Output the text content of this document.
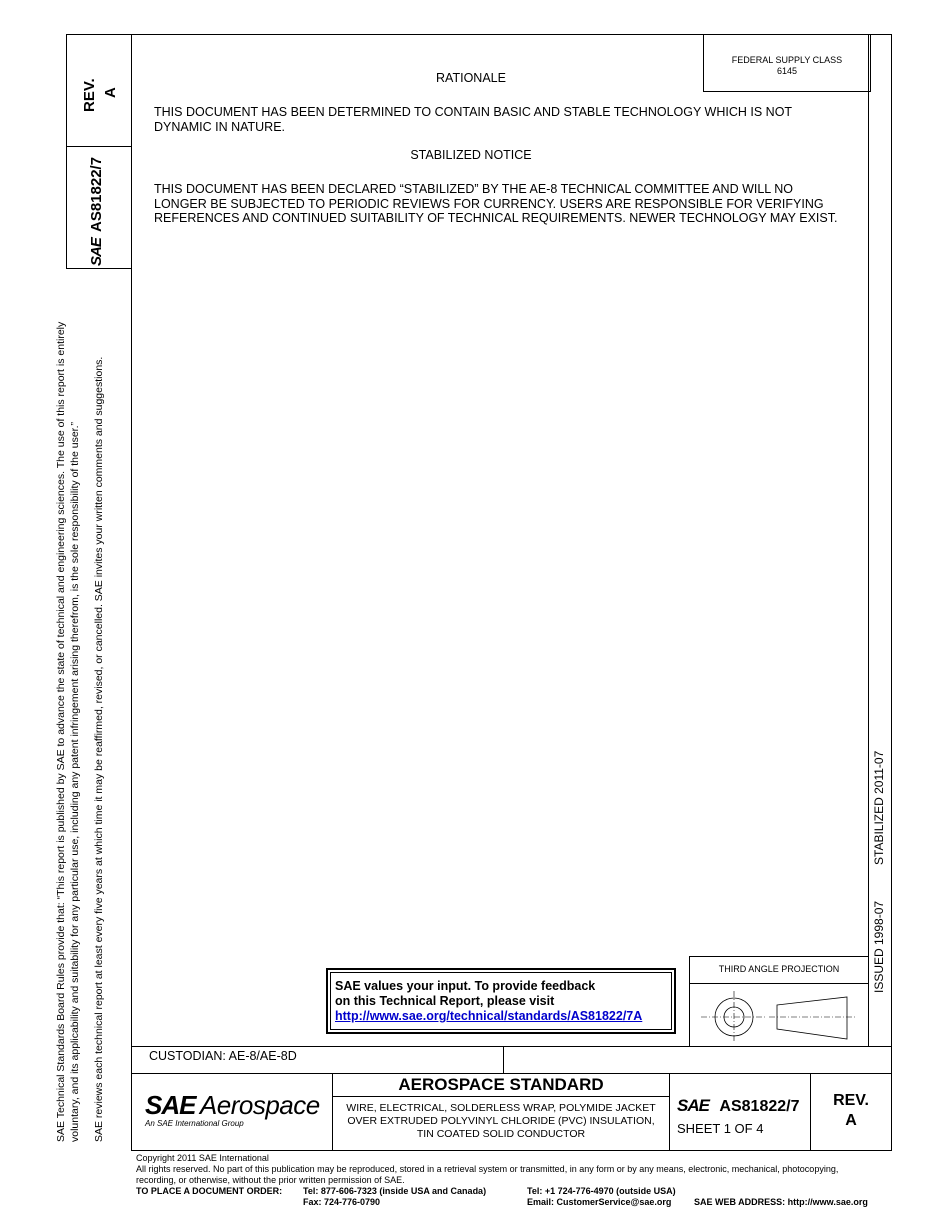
SAE Technical Standards Board Rules provide that: “This report is published by SAE to advance the state of technical and engineering sciences. The use of this report is entirely voluntary, and its applicability and suitability for any particular use, including any patent infringement arising therefrom, is the sole responsibility of the user.” SAE reviews each technical report at least every five years at which time it may be reaffirmed, revised, or cancelled. SAE invites your written comments and suggestions.
REV. A
SAE
AS81822/7
FEDERAL SUPPLY CLASS
6145
RATIONALE
THIS DOCUMENT HAS BEEN DETERMINED TO CONTAIN BASIC AND STABLE TECHNOLOGY WHICH IS NOT
DYNAMIC IN NATURE.
STABILIZED NOTICE
THIS DOCUMENT HAS BEEN DECLARED “STABILIZED” BY THE AE-8 TECHNICAL COMMITTEE AND WILL NO
LONGER BE SUBJECTED TO PERIODIC REVIEWS FOR CURRENCY. USERS ARE RESPONSIBLE FOR VERIFYING
REFERENCES AND CONTINUED SUITABILITY OF TECHNICAL REQUIREMENTS. NEWER TECHNOLOGY MAY EXIST.
STABILIZED 2011-07
ISSUED 1998-07
SAE values your input. To provide feedback
on this Technical Report, please visit
http://www.sae.org/technical/standards/AS81822/7A
THIRD ANGLE PROJECTION
CUSTODIAN: AE-8/AE-8D
SAE Aerospace
An SAE International Group
AEROSPACE STANDARD
WIRE, ELECTRICAL, SOLDERLESS WRAP, POLYMIDE JACKET
OVER EXTRUDED POLYVINYL CHLORIDE (PVC) INSULATION,
TIN COATED SOLID CONDUCTOR
SAE AS81822/7
SHEET 1 OF 4
REV.
A
Copyright 2011 SAE International
All rights reserved. No part of this publication may be reproduced, stored in a retrieval system or transmitted, in any form or by any means, electronic, mechanical, photocopying,
recording, or otherwise, without the prior written permission of SAE.
TO PLACE A DOCUMENT ORDER: Tel: 877-606-7323 (inside USA and Canada)
Fax: 724-776-0790
Tel: +1 724-776-4970 (outside USA)
Email: CustomerService@sae.org	SAE WEB ADDRESS: http://www.sae.org
